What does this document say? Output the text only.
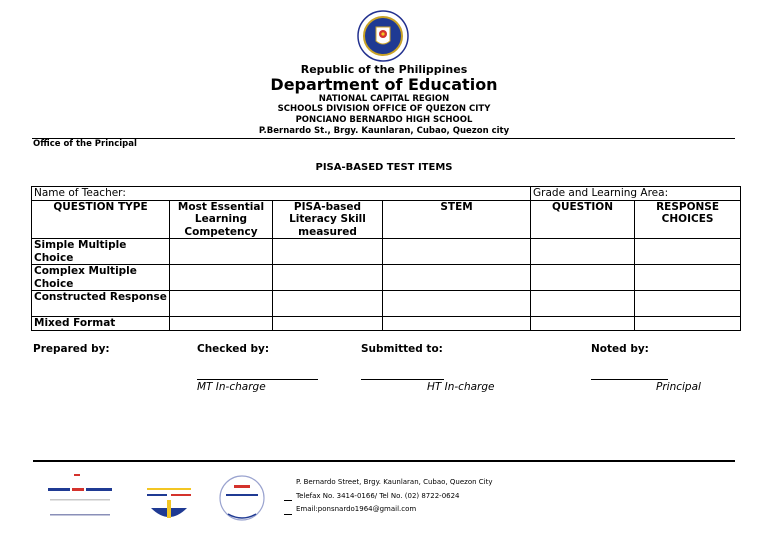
Republic of the Philippines
Department of Education
NATIONAL CAPITAL REGION
SCHOOLS DIVISION OFFICE OF QUEZON CITY
PONCIANO BERNARDO HIGH SCHOOL
P.Bernardo St., Brgy. Kaunlaran, Cubao, Quezon city
Office of the Principal
PISA-BASED TEST ITEMS
Name of Teacher:				Grade and Learning Area:	
QUESTION TYPE	Most Essential Learning Competency	PISA-based Literacy Skill measured	STEM	QUESTION	RESPONSE CHOICES
Simple Multiple Choice					
Complex Multiple Choice					
Constructed Response					
Mixed Format					
Prepared by:	Checked by:	Submitted to:	Noted by:
MT In-charge	HT In-charge	Principal
P. Bernardo Street, Brgy. Kaunlaran, Cubao, Quezon City
Telefax No. 3414-0166/ Tel No. (02) 8722-0624
Email:ponsnardo1964@gmail.com
